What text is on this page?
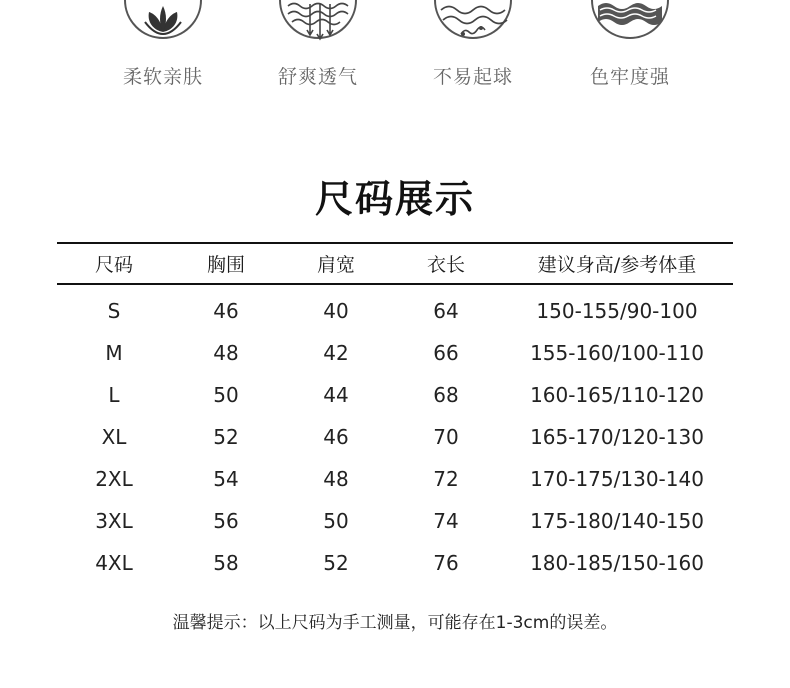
柔软亲肤	舒爽透气	不易起球	色牢度强
尺码展示
尺码	胸围	肩宽	衣长	建议身高/参考体重
S	46	40	64	150-155/90-100
M	48	42	66	155-160/100-110
L	50	44	68	160-165/110-120
XL	52	46	70	165-170/120-130
2XL	54	48	72	170-175/130-140
3XL	56	50	74	175-180/140-150
4XL	58	52	76	180-185/150-160
温馨提示：以上尺码为手工测量，可能存在1-3cm的误差。
